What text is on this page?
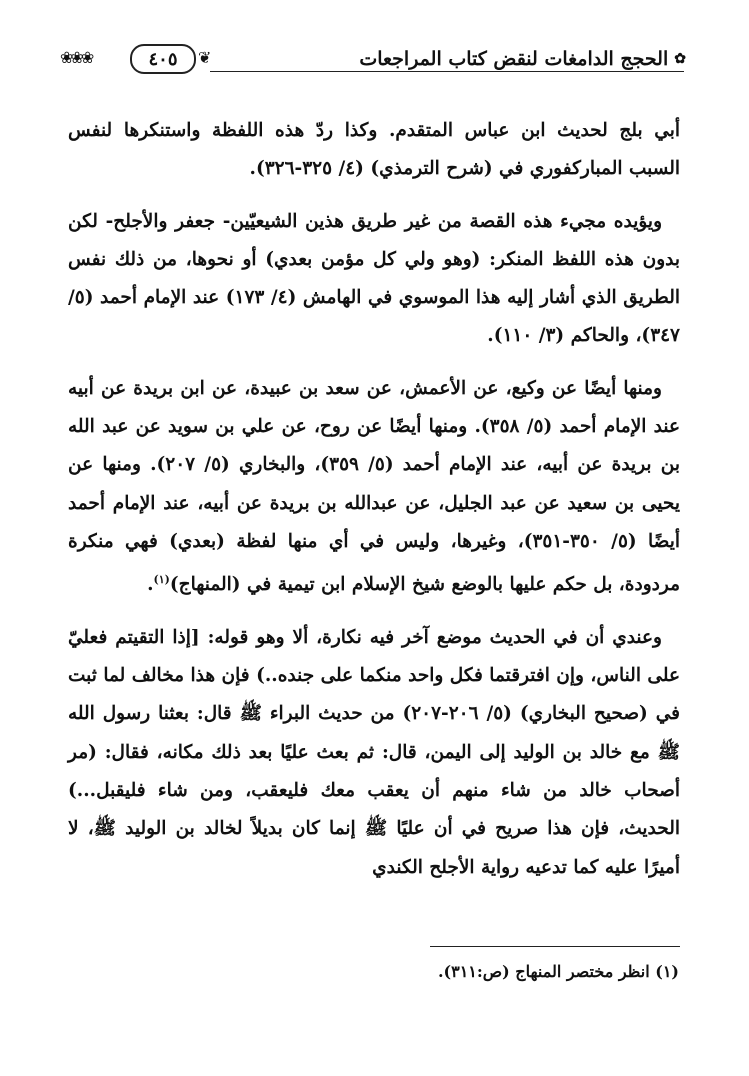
❀❀❀	٤٠٥	❦	✿
الحجج الدامغات لنقض كتاب المراجعات

أبي بلج لحديث ابن عباس المتقدم. وكذا ردّ هذه اللفظة واستنكرها لنفس السبب المباركفوري في (شرح الترمذي) (٤/ ٣٢٥-٣٢٦).

ويؤيده مجيء هذه القصة من غير طريق هذين الشيعيّين- جعفر والأجلح- لكن بدون هذه اللفظ المنكر: (وهو ولي كل مؤمن بعدي) أو نحوها، من ذلك نفس الطريق الذي أشار إليه هذا الموسوي في الهامش (٤/ ١٧٣) عند الإمام أحمد (٥/ ٣٤٧)، والحاكم (٣/ ١١٠).

ومنها أيضًا عن وكيع، عن الأعمش، عن سعد بن عبيدة، عن ابن بريدة عن أبيه عند الإمام أحمد (٥/ ٣٥٨). ومنها أيضًا عن روح، عن علي بن سويد عن عبد الله بن بريدة عن أبيه، عند الإمام أحمد (٥/ ٣٥٩)، والبخاري (٥/ ٢٠٧). ومنها عن يحيى بن سعيد عن عبد الجليل، عن عبدالله بن بريدة عن أبيه، عند الإمام أحمد أيضًا (٥/ ٣٥٠-٣٥١)، وغيرها، وليس في أي منها لفظة (بعدي) فهي منكرة مردودة، بل حكم عليها بالوضع شيخ الإسلام ابن تيمية في (المنهاج)$^{(١)}$.

وعندي أن في الحديث موضع آخر فيه نكارة، ألا وهو قوله: [إذا التقيتم فعليّ على الناس، وإن افترقتما فكل واحد منكما على جنده..) فإن هذا مخالف لما ثبت في (صحيح البخاري) (٥/ ٢٠٦-٢٠٧) من حديث البراء ﷺ قال: بعثنا رسول الله ﷺ مع خالد بن الوليد إلى اليمن، قال: ثم بعث عليًا بعد ذلك مكانه، فقال: (مر أصحاب خالد من شاء منهم أن يعقب معك فليعقب، ومن شاء فليقبل...) الحديث، فإن هذا صريح في أن عليًا ﷺ إنما كان بديلاً لخالد بن الوليد ﷺ، لا أميرًا عليه كما تدعيه رواية الأجلح الكندي

(١) انظر مختصر المنهاج (ص:٣١١).
